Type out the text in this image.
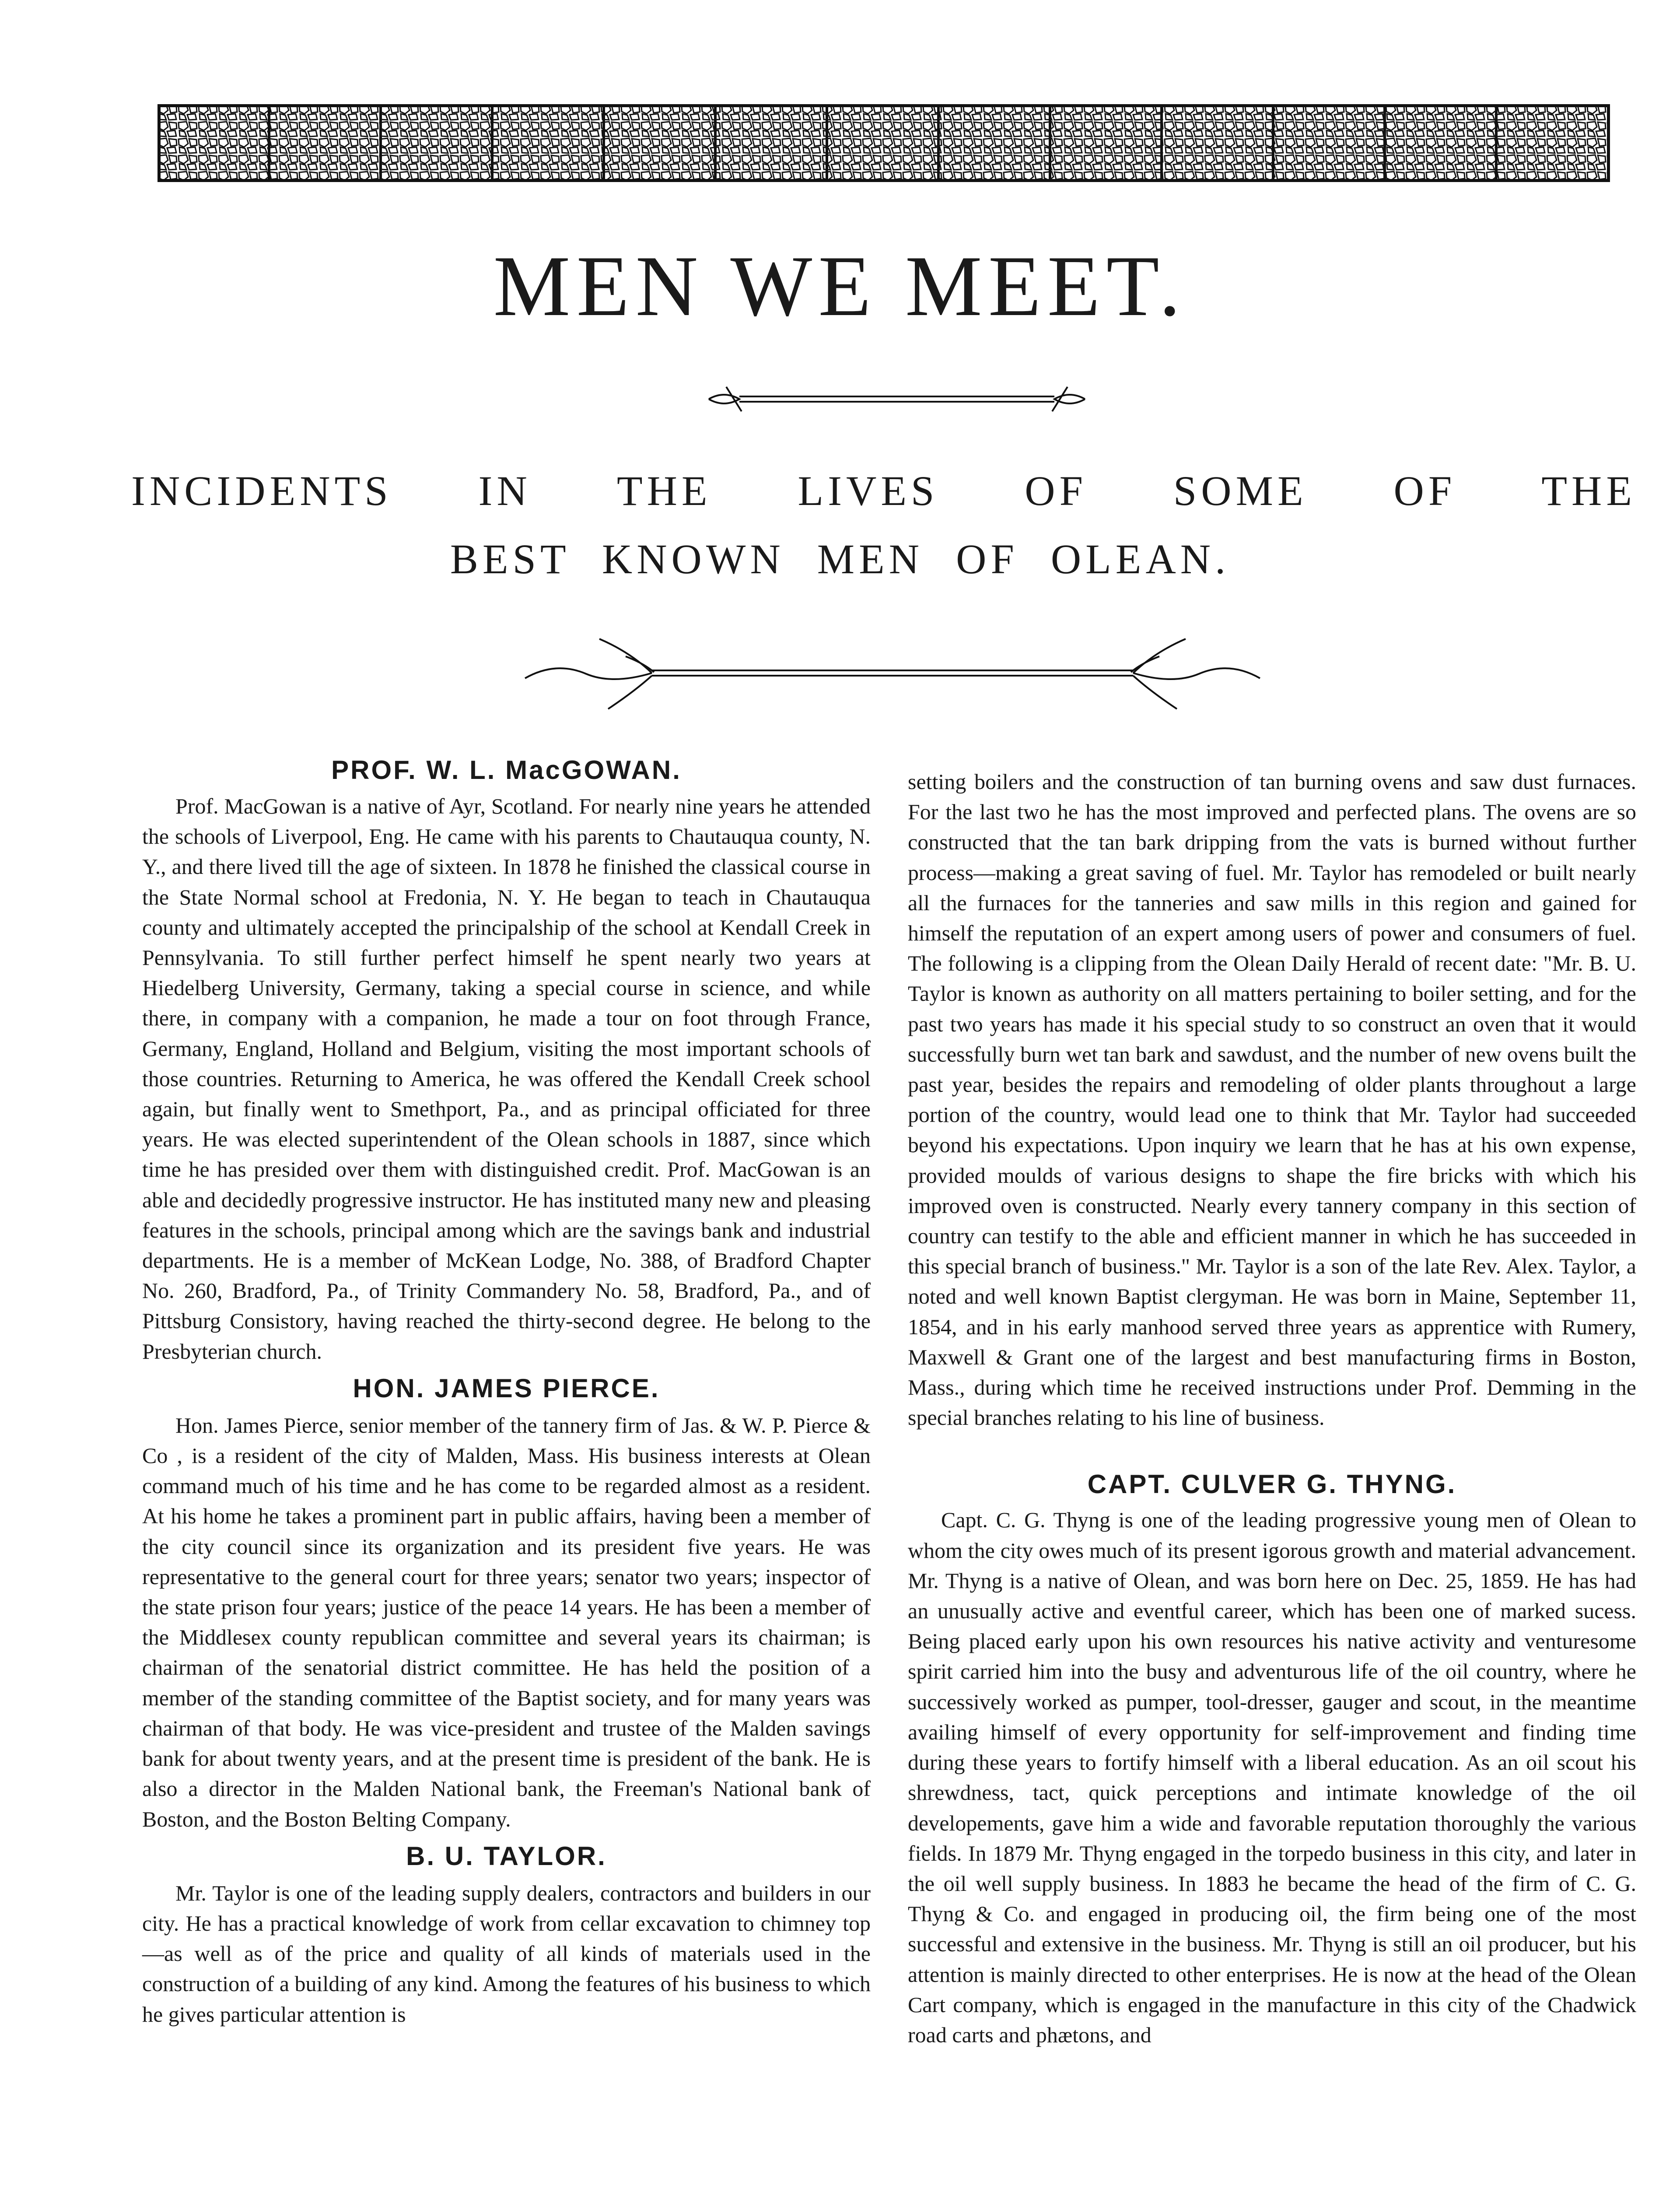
MEN WE MEET.
INCIDENTS IN THE LIVES OF SOME OF THE
BEST KNOWN MEN OF OLEAN.
PROF. W. L. MacGOWAN.

Prof. MacGowan is a native of Ayr, Scotland. For nearly nine years he attended the schools of Liverpool, Eng. He came with his parents to Chautauqua county, N. Y., and there lived till the age of sixteen. In 1878 he finished the classical course in the State Normal school at Fredonia, N. Y. He began to teach in Chautauqua county and ultimately accepted the principalship of the school at Kendall Creek in Pennsylvania. To still further perfect himself he spent nearly two years at Hiedelberg University, Germany, taking a special course in science, and while there, in company with a companion, he made a tour on foot through France, Germany, England, Holland and Belgium, visiting the most important schools of those countries. Returning to America, he was offered the Kendall Creek school again, but finally went to Smethport, Pa., and as principal officiated for three years. He was elected superintendent of the Olean schools in 1887, since which time he has presided over them with distinguished credit. Prof. MacGowan is an able and decidedly progressive instructor. He has instituted many new and pleasing features in the schools, principal among which are the savings bank and industrial departments. He is a member of McKean Lodge, No. 388, of Bradford Chapter No. 260, Bradford, Pa., of Trinity Commandery No. 58, Bradford, Pa., and of Pittsburg Consistory, having reached the thirty-second degree. He belong to the Presbyterian church.

HON. JAMES PIERCE.

Hon. James Pierce, senior member of the tannery firm of Jas. & W. P. Pierce & Co , is a resident of the city of Malden, Mass. His business interests at Olean command much of his time and he has come to be regarded almost as a resident. At his home he takes a prominent part in public affairs, having been a member of the city council since its organization and its president five years. He was representative to the general court for three years; senator two years; inspector of the state prison four years; justice of the peace 14 years. He has been a member of the Middlesex county republican committee and several years its chairman; is chairman of the senatorial district committee. He has held the position of a member of the standing committee of the Baptist society, and for many years was chairman of that body. He was vice-president and trustee of the Malden savings bank for about twenty years, and at the present time is president of the bank. He is also a director in the Malden National bank, the Freeman's National bank of Boston, and the Boston Belting Company.

B. U. TAYLOR.

Mr. Taylor is one of the leading supply dealers, contractors and builders in our city. He has a practical knowledge of work from cellar excavation to chimney top—as well as of the price and quality of all kinds of materials used in the construction of a building of any kind. Among the features of his business to which he gives particular attention is

setting boilers and the construction of tan burning ovens and saw dust furnaces. For the last two he has the most improved and perfected plans. The ovens are so constructed that the tan bark dripping from the vats is burned without further process—making a great saving of fuel. Mr. Taylor has remodeled or built nearly all the furnaces for the tanneries and saw mills in this region and gained for himself the reputation of an expert among users of power and consumers of fuel. The following is a clipping from the Olean Daily Herald of recent date: "Mr. B. U. Taylor is known as authority on all matters pertaining to boiler setting, and for the past two years has made it his special study to so construct an oven that it would successfully burn wet tan bark and sawdust, and the number of new ovens built the past year, besides the repairs and remodeling of older plants throughout a large portion of the country, would lead one to think that Mr. Taylor had succeeded beyond his expectations. Upon inquiry we learn that he has at his own expense, provided moulds of various designs to shape the fire bricks with which his improved oven is constructed. Nearly every tannery company in this section of country can testify to the able and efficient manner in which he has succeeded in this special branch of business." Mr. Taylor is a son of the late Rev. Alex. Taylor, a noted and well known Baptist clergyman. He was born in Maine, September 11, 1854, and in his early manhood served three years as apprentice with Rumery, Maxwell & Grant one of the largest and best manufacturing firms in Boston, Mass., during which time he received instructions under Prof. Demming in the special branches relating to his line of business.

CAPT. CULVER G. THYNG.

Capt. C. G. Thyng is one of the leading progressive young men of Olean to whom the city owes much of its present igorous growth and material advancement. Mr. Thyng is a native of Olean, and was born here on Dec. 25, 1859. He has had an unusually active and eventful career, which has been one of marked sucess. Being placed early upon his own resources his native activity and venturesome spirit carried him into the busy and adventurous life of the oil country, where he successively worked as pumper, tool-dresser, gauger and scout, in the meantime availing himself of every opportunity for self-improvement and finding time during these years to fortify himself with a liberal education. As an oil scout his shrewdness, tact, quick perceptions and intimate knowledge of the oil developements, gave him a wide and favorable reputation thoroughly the various fields. In 1879 Mr. Thyng engaged in the torpedo business in this city, and later in the oil well supply business. In 1883 he became the head of the firm of C. G. Thyng & Co. and engaged in producing oil, the firm being one of the most successful and extensive in the business. Mr. Thyng is still an oil producer, but his attention is mainly directed to other enterprises. He is now at the head of the Olean Cart company, which is engaged in the manufacture in this city of the Chadwick road carts and phætons, and
